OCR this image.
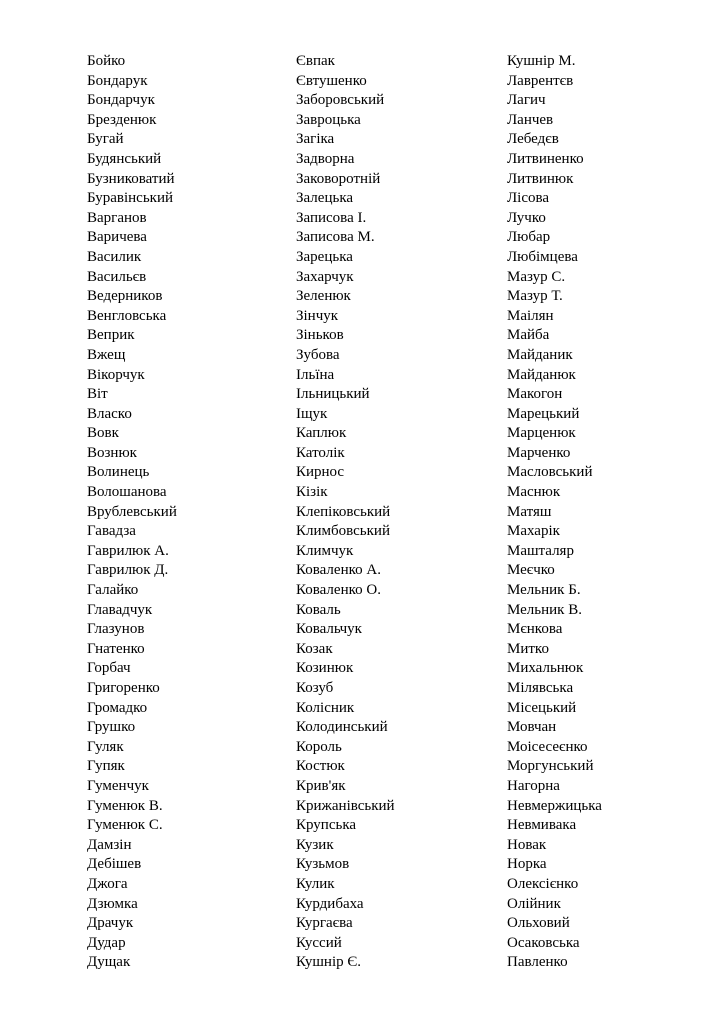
Бойко
Бондарук
Бондарчук
Брезденюк
Бугай
Будянський
Бузниковатий
Буравінський
Варганов
Варичева
Василик
Васильєв
Ведерников
Венгловська
Веприк
Вжещ
Вікорчук
Віт
Власко
Вовк
Вознюк
Волинець
Волошанова
Врублевський
Гавадза
Гаврилюк А.
Гаврилюк Д.
Галайко
Главадчук
Глазунов
Гнатенко
Горбач
Григоренко
Громадко
Грушко
Гуляк
Гупяк
Гуменчук
Гуменюк В.
Гуменюк С.
Дамзін
Дебішев
Джога
Дзюмка
Драчук
Дудар
Дущак
Євпак
Євтушенко
Заборовський
Завроцька
Загіка
Задворна
Заковоротній
Залецька
Записова І.
Записова М.
Зарецька
Захарчук
Зеленюк
Зінчук
Зіньков
Зубова
Ільїна
Ільницький
Іщук
Каплюк
Католік
Кирнос
Кізік
Клепіковський
Климбовський
Климчук
Коваленко А.
Коваленко О.
Коваль
Ковальчук
Козак
Козинюк
Козуб
Колісник
Колодинський
Король
Костюк
Крив'як
Крижанівський
Крупська
Кузик
Кузьмов
Кулик
Курдибаха
Кургаєва
Куссий
Кушнір Є.
Кушнір М.
Лаврентєв
Лагич
Ланчев
Лебедєв
Литвиненко
Литвинюк
Лісова
Лучко
Любар
Любімцева
Мазур С.
Мазур Т.
Маілян
Майба
Майданик
Майданюк
Макогон
Марецький
Марценюк
Марченко
Масловський
Маснюк
Матяш
Махарік
Машталяр
Меєчко
Мельник Б.
Мельник В.
Мєнкова
Митко
Михальнюк
Мілявська
Місецький
Мовчан
Моісесеєнко
Моргунський
Нагорна
Невмержицька
Невмивака
Новак
Норка
Олексієнко
Олійник
Ольховий
Осаковська
Павленко
